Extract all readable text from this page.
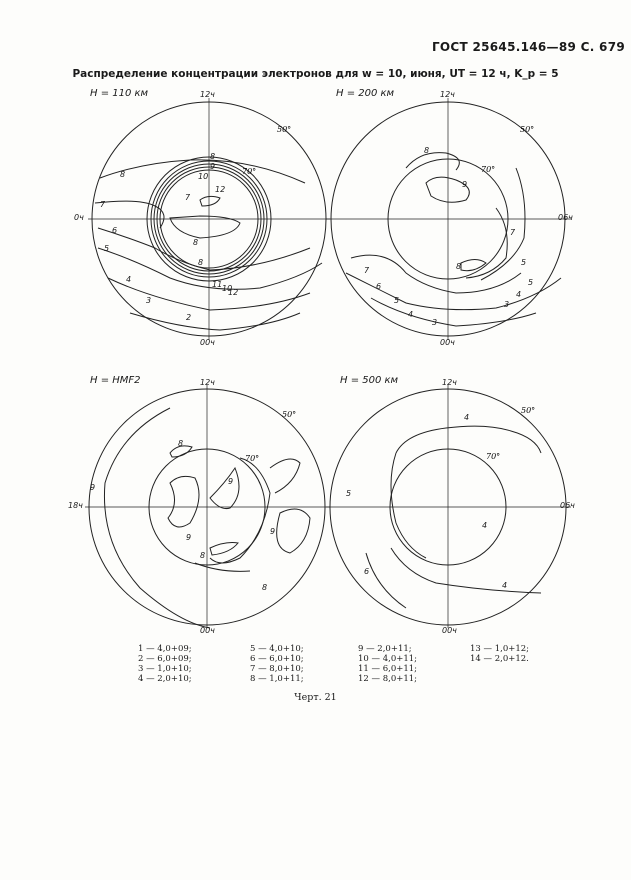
ГОСТ 25645.146—89 С. 679
Распределение концентрации электронов для w = 10, июня, UT = 12 ч, K_p = 5
H = 110 км
50°
70°
12ч
00ч
0ч
8
9
10
12
8
7
8
7
6
5
4
3
2
8
11 10
12
H = 200 км
50°
70°
12ч
00ч
06ч
8
9
7
6
5
4
3
8
5
3
4
5
7
H = HMF2
50°
70°
12ч
00ч
18ч
8
9
9
9
8
9
8
H = 500 км
50°
70°
12ч
00ч
06ч
4
5
4
4
6
1 — 4,0+09;
2 — 6,0+09;
3 — 1,0+10;
4 — 2,0+10;
5 — 4,0+10;
6 — 6,0+10;
7 — 8,0+10;
8 — 1,0+11;
9 — 2,0+11;
10 — 4,0+11;
11 — 6,0+11;
12 — 8,0+11;
13 — 1,0+12;
14 — 2,0+12.
Черт. 21
